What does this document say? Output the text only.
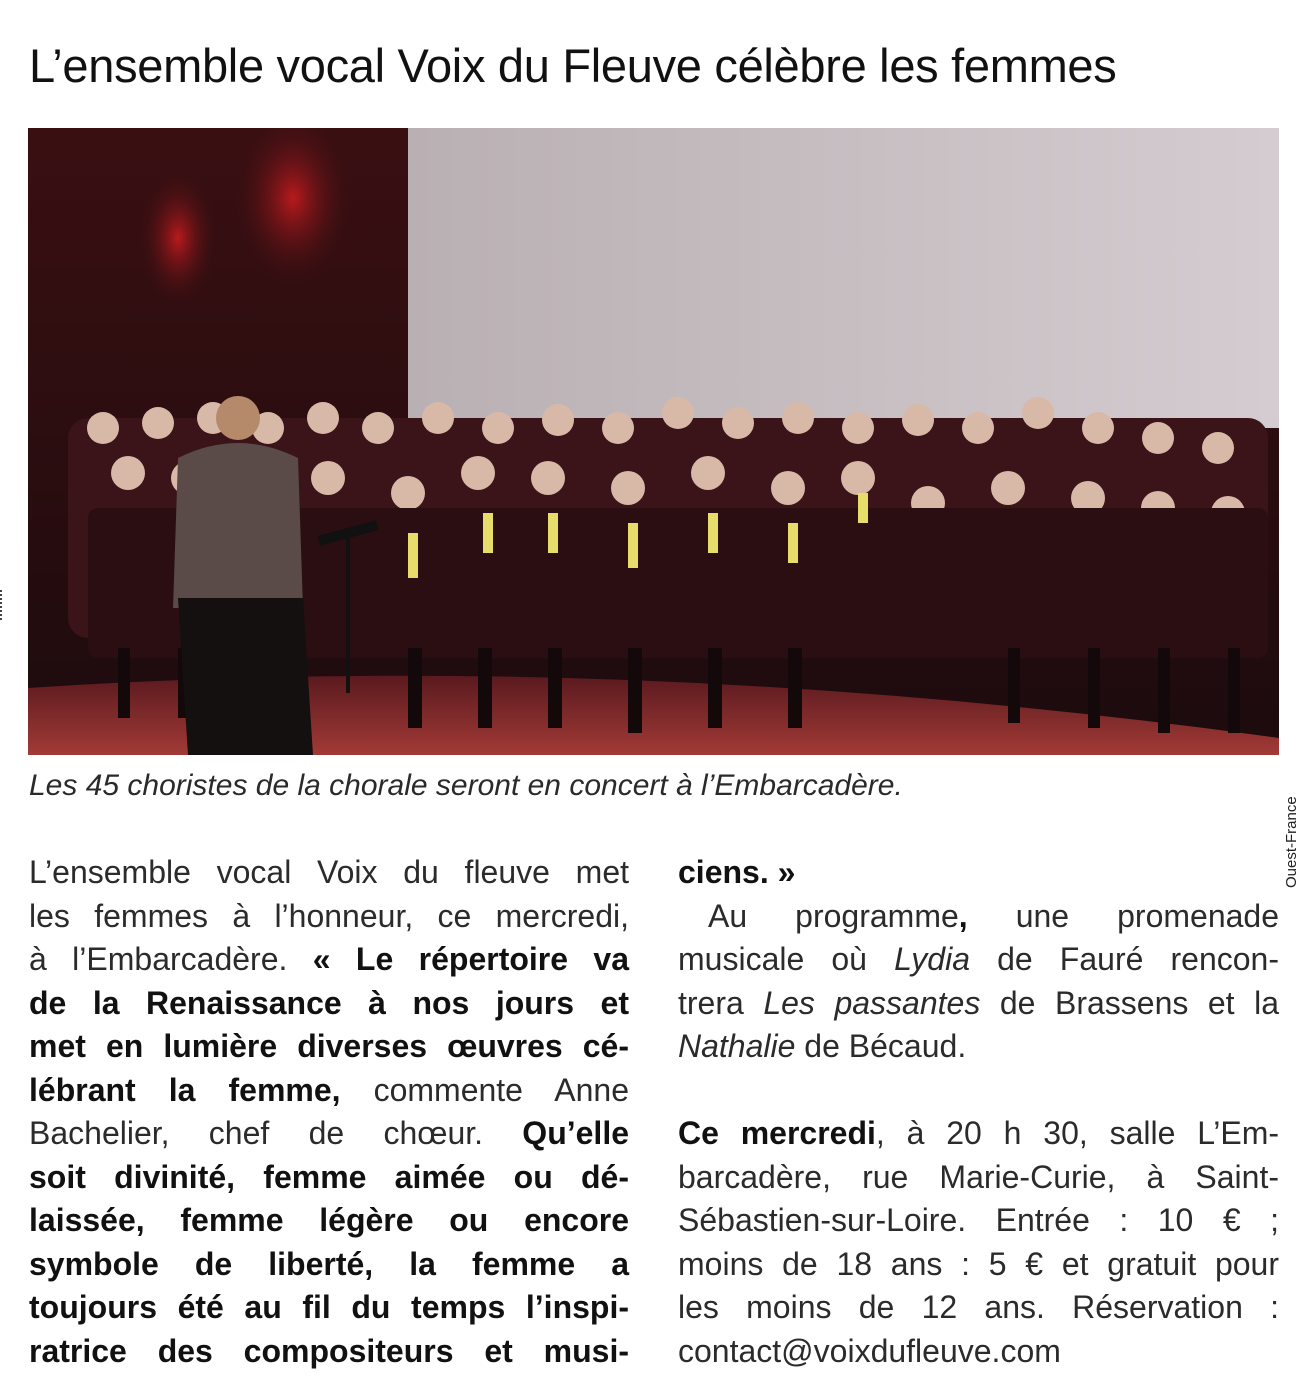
L’ensemble vocal Voix du Fleuve célèbre les femmes
Ouest-France

Les 45 choristes de la chorale seront en concert à l’Embarcadère.

L’ensemble vocal Voix du fleuve met
les femmes à l’honneur, ce mercredi,
à l’Embarcadère. « Le répertoire va
de la Renaissance à nos jours et
met en lumière diverses œuvres cé-
lébrant la femme, commente Anne
Bachelier, chef de chœur. Qu’elle
soit divinité, femme aimée ou dé-
laissée, femme légère ou encore
symbole de liberté, la femme a
toujours été au fil du temps l’inspi-
ratrice des compositeurs et musi-
ciens. »
Au programme, une promenade
musicale où Lydia de Fauré rencon-
trera Les passantes de Brassens et la
Nathalie de Bécaud.
Ce mercredi, à 20 h 30, salle L’Em-
barcadère, rue Marie-Curie, à Saint-
Sébastien-sur-Loire. Entrée : 10 € ;
moins de 18 ans : 5 € et gratuit pour
les moins de 12 ans. Réservation :
contact@voixdufleuve.com
